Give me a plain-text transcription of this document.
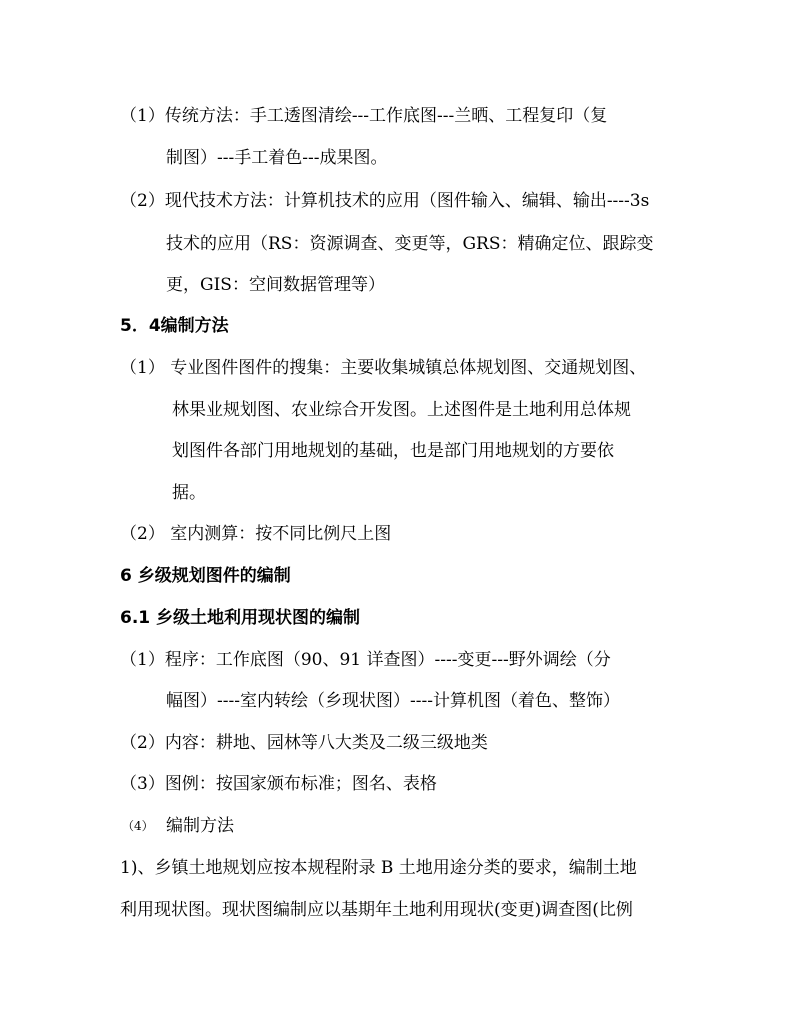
（1）传统方法：手工透图清绘---工作底图---兰晒、工程复印（复
制图）---手工着色---成果图。
（2）现代技术方法：计算机技术的应用（图件输入、编辑、输出----3s
技术的应用（RS：资源调查、变更等，GRS：精确定位、跟踪变
更，GIS：空间数据管理等）
5．4编制方法
（1） 专业图件图件的搜集：主要收集城镇总体规划图、交通规划图、
林果业规划图、农业综合开发图。上述图件是土地利用总体规
划图件各部门用地规划的基础，也是部门用地规划的方要依
据。
（2） 室内测算：按不同比例尺上图
6 乡级规划图件的编制
6.1 乡级土地利用现状图的编制
（1）程序：工作底图（90、91 详查图）----变更---野外调绘（分
幅图）----室内转绘（乡现状图）----计算机图（着色、整饰）
（2）内容：耕地、园林等八大类及二级三级地类
（3）图例：按国家颁布标准；图名、表格
（4） 编制方法
1)、乡镇土地规划应按本规程附录 B 土地用途分类的要求，编制土地
利用现状图。现状图编制应以基期年土地利用现状(变更)调查图(比例
